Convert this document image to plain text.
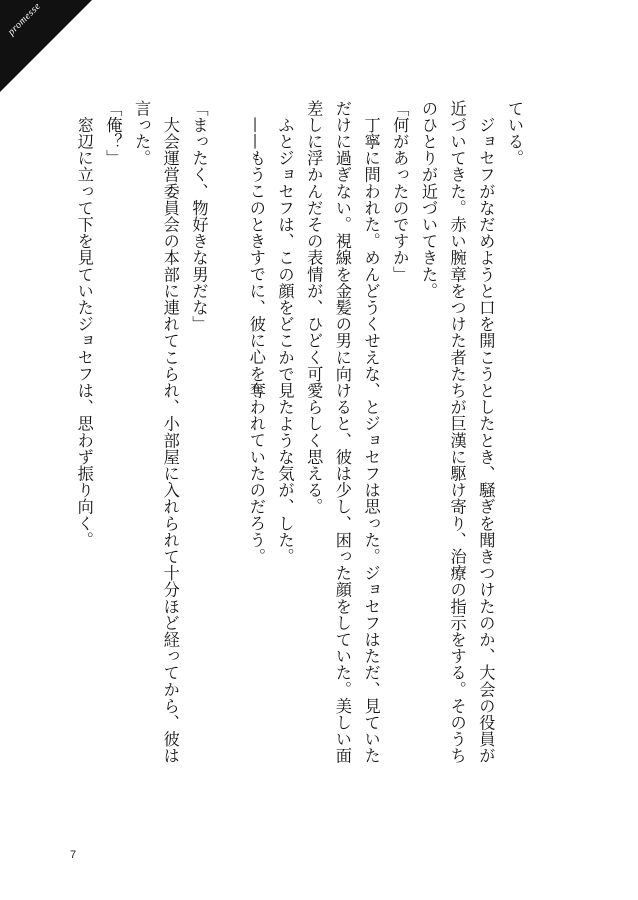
promesse
ている。
　ジョセフがなだめようと口を開こうとしたとき、騒ぎを聞きつけたのか、大会の役員が
近づいてきた。赤い腕章をつけた者たちが巨漢に駆け寄り、治療の指示をする。そのうち
のひとりが近づいてきた。
「何があったのですか」
　丁寧に問われた。めんどうくせえな、とジョセフは思った。ジョセフはただ、見ていた
だけに過ぎない。視線を金髪の男に向けると、彼は少し、困った顔をしていた。美しい面
差しに浮かんだその表情が、ひどく可愛らしく思える。
　ふとジョセフは、この顔をどこかで見たような気が、した。
　——もうこのときすでに、彼に心を奪われていたのだろう。
「まったく、物好きな男だな」
　大会運営委員会の本部に連れてこられ、小部屋に入れられて十分ほど経ってから、彼は
言った。
「俺？」
　窓辺に立って下を見ていたジョセフは、思わず振り向く。
7
